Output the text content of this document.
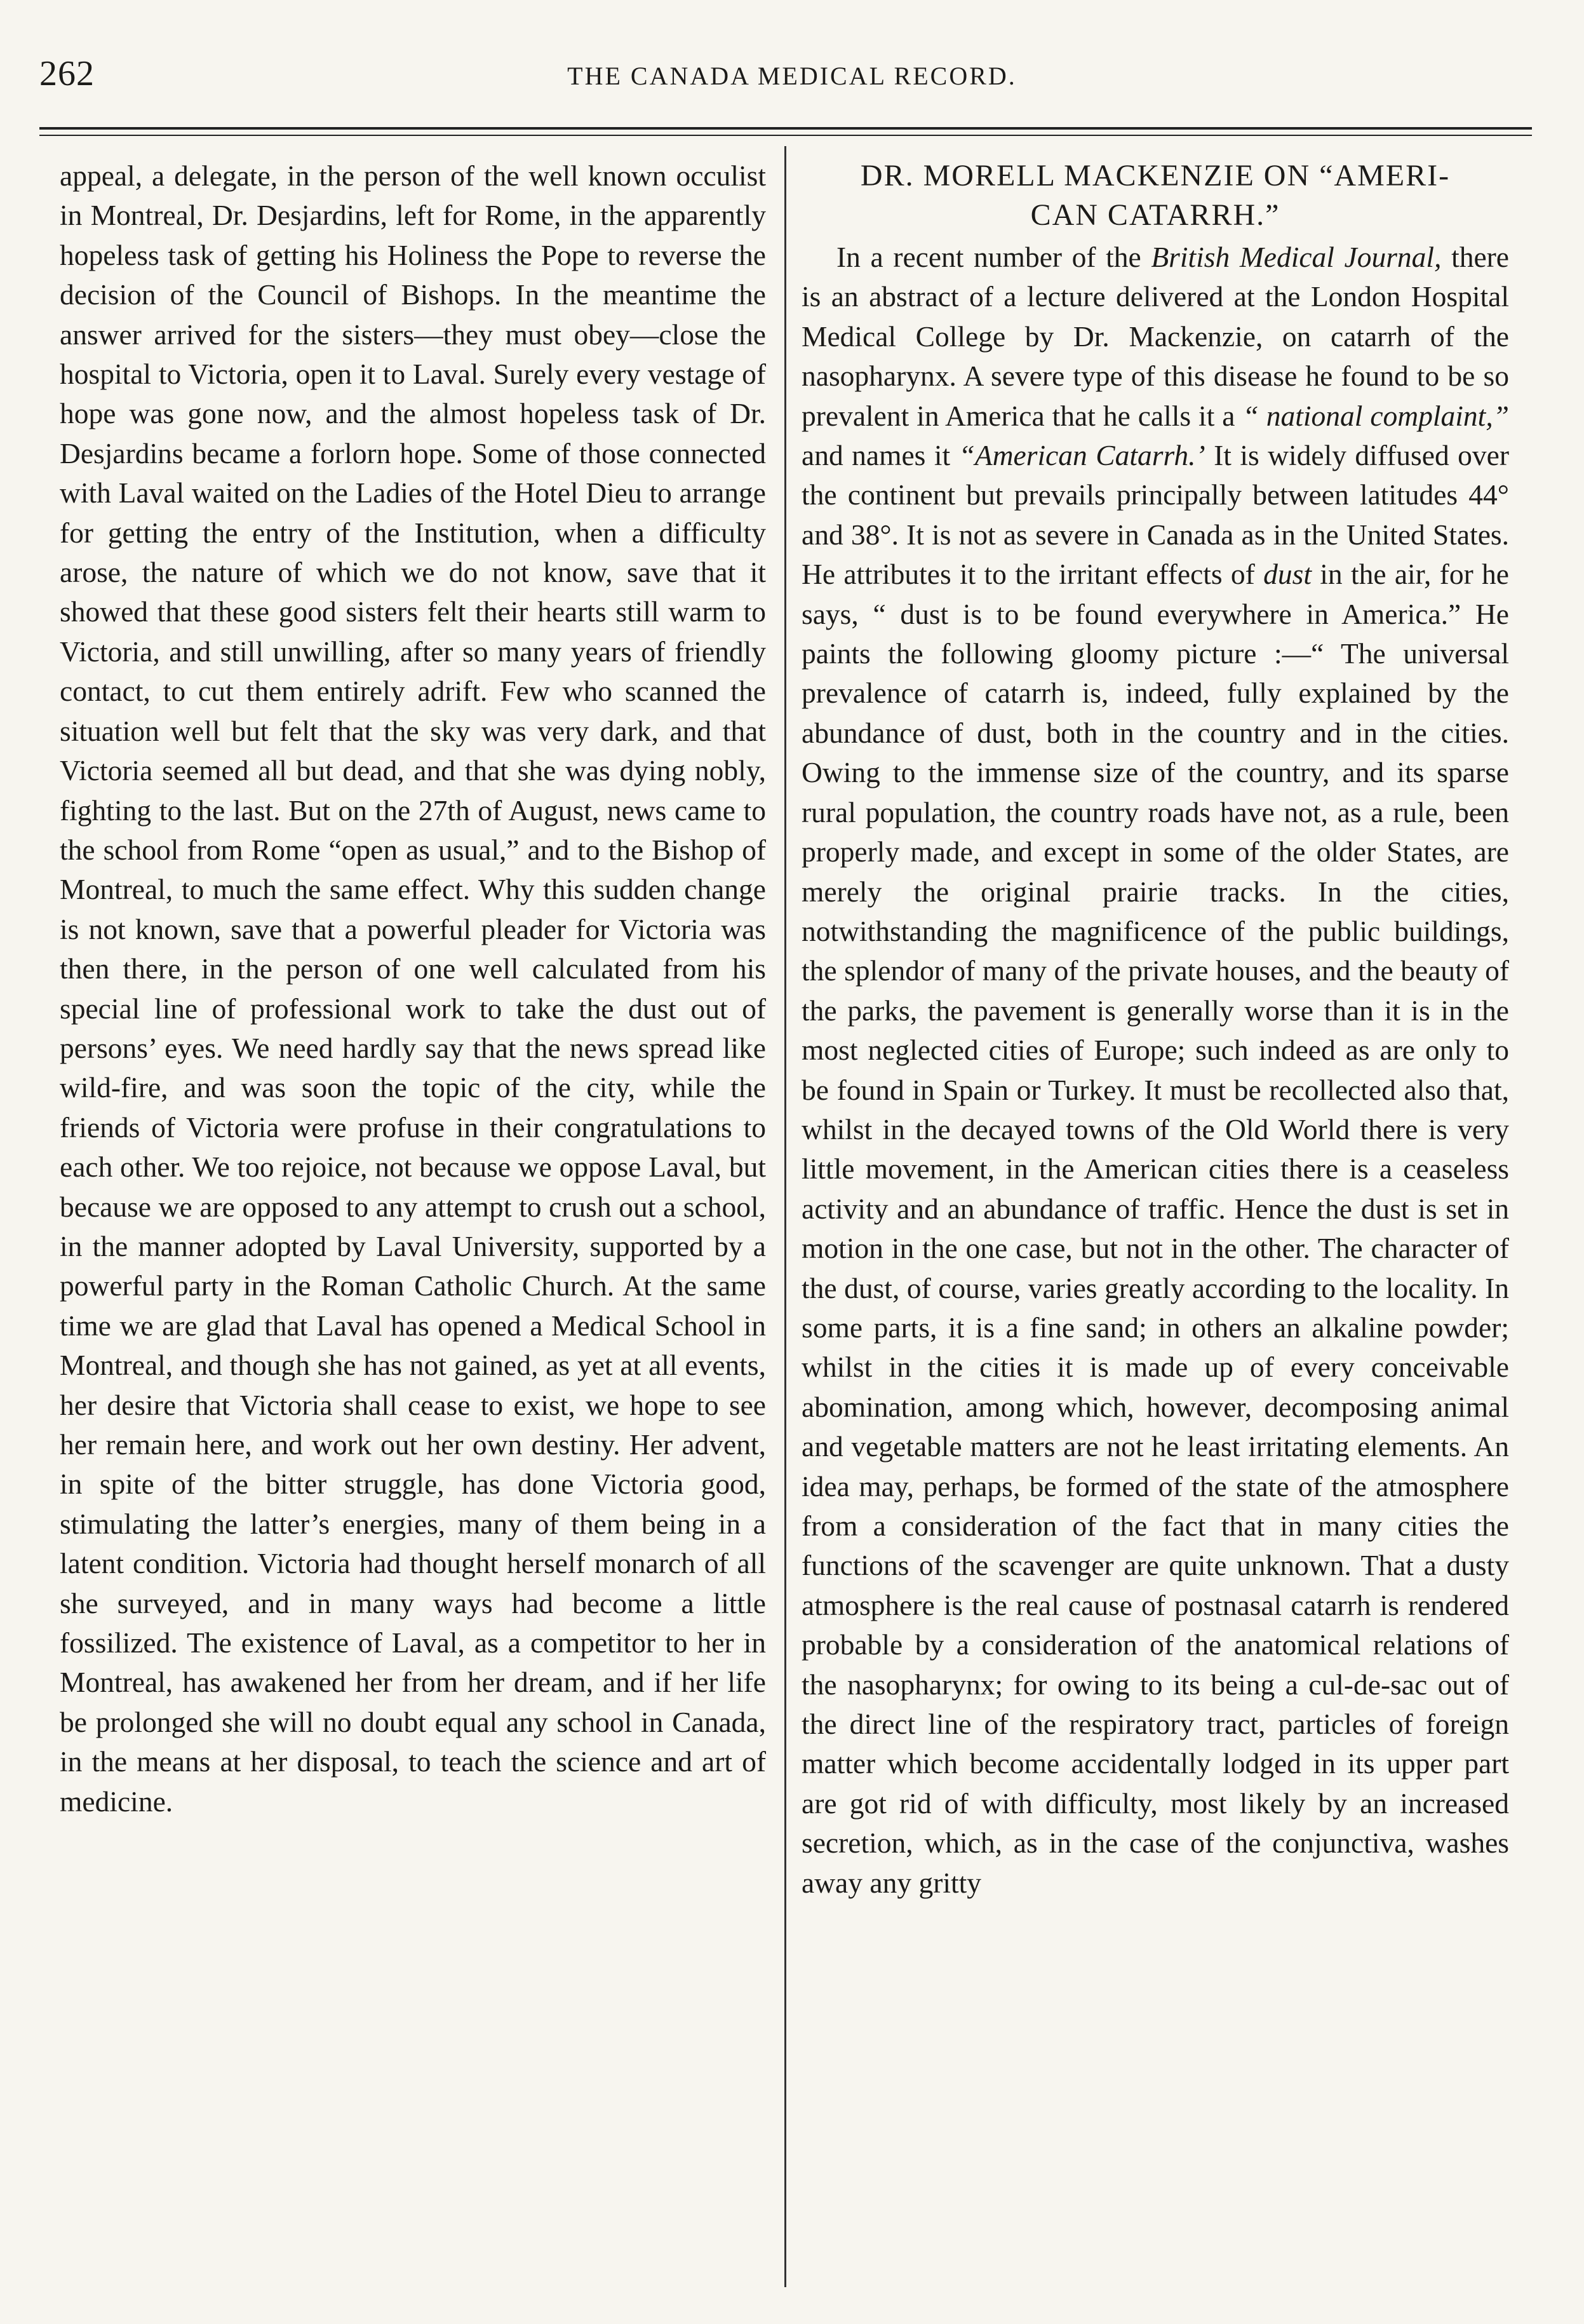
262	THE CANADA MEDICAL RECORD.

appeal, a delegate, in the person of the well known occulist in Montreal, Dr. Desjardins, left for Rome, in the apparently hopeless task of getting his Holiness the Pope to reverse the decision of the Council of Bishops. In the meantime the answer arrived for the sisters—they must obey—close the hospital to Victoria, open it to Laval. Surely every vestage of hope was gone now, and the almost hopeless task of Dr. Desjardins became a forlorn hope. Some of those connected with Laval waited on the Ladies of the Hotel Dieu to arrange for getting the entry of the Institution, when a difficulty arose, the nature of which we do not know, save that it showed that these good sisters felt their hearts still warm to Victoria, and still unwilling, after so many years of friendly contact, to cut them entirely adrift. Few who scanned the situation well but felt that the sky was very dark, and that Victoria seemed all but dead, and that she was dying nobly, fighting to the last. But on the 27th of August, news came to the school from Rome “open as usual,” and to the Bishop of Montreal, to much the same effect. Why this sudden change is not known, save that a powerful pleader for Victoria was then there, in the person of one well calculated from his special line of professional work to take the dust out of persons’ eyes. We need hardly say that the news spread like wild-fire, and was soon the topic of the city, while the friends of Victoria were profuse in their congratulations to each other. We too rejoice, not because we oppose Laval, but because we are opposed to any attempt to crush out a school, in the manner adopted by Laval University, supported by a powerful party in the Roman Catholic Church. At the same time we are glad that Laval has opened a Medical School in Montreal, and though she has not gained, as yet at all events, her desire that Victoria shall cease to exist, we hope to see her remain here, and work out her own destiny. Her advent, in spite of the bitter struggle, has done Victoria good, stimulating the latter’s energies, many of them being in a latent condition. Victoria had thought herself monarch of all she surveyed, and in many ways had become a little fossilized. The existence of Laval, as a competitor to her in Montreal, has awakened her from her dream, and if her life be prolonged she will no doubt equal any school in Canada, in the means at her disposal, to teach the science and art of medicine.

DR. MORELL MACKENZIE ON “AMERI-
CAN CATARRH.”

In a recent number of the British Medical Journal, there is an abstract of a lecture delivered at the London Hospital Medical College by Dr. Mackenzie, on catarrh of the nasopharynx. A severe type of this disease he found to be so prevalent in America that he calls it a “ national complaint,” and names it “American Catarrh.’ It is widely diffused over the continent but prevails principally between latitudes 44° and 38°. It is not as severe in Canada as in the United States. He attributes it to the irritant effects of dust in the air, for he says, “ dust is to be found everywhere in America.” He paints the following gloomy picture :—“ The universal prevalence of catarrh is, indeed, fully explained by the abundance of dust, both in the country and in the cities. Owing to the immense size of the country, and its sparse rural population, the country roads have not, as a rule, been properly made, and except in some of the older States, are merely the original prairie tracks. In the cities, notwithstanding the magnificence of the public buildings, the splendor of many of the private houses, and the beauty of the parks, the pavement is generally worse than it is in the most neglected cities of Europe; such indeed as are only to be found in Spain or Turkey. It must be recollected also that, whilst in the decayed towns of the Old World there is very little movement, in the American cities there is a ceaseless activity and an abundance of traffic. Hence the dust is set in motion in the one case, but not in the other. The character of the dust, of course, varies greatly according to the locality. In some parts, it is a fine sand; in others an alkaline powder; whilst in the cities it is made up of every conceivable abomination, among which, however, decomposing animal and vegetable matters are not he least irritating elements. An idea may, perhaps, be formed of the state of the atmosphere from a consideration of the fact that in many cities the functions of the scavenger are quite unknown. That a dusty atmosphere is the real cause of postnasal catarrh is rendered probable by a consideration of the anatomical relations of the nasopharynx; for owing to its being a cul-de-sac out of the direct line of the respiratory tract, particles of foreign matter which become accidentally lodged in its upper part are got rid of with difficulty, most likely by an increased secretion, which, as in the case of the conjunctiva, washes away any gritty
